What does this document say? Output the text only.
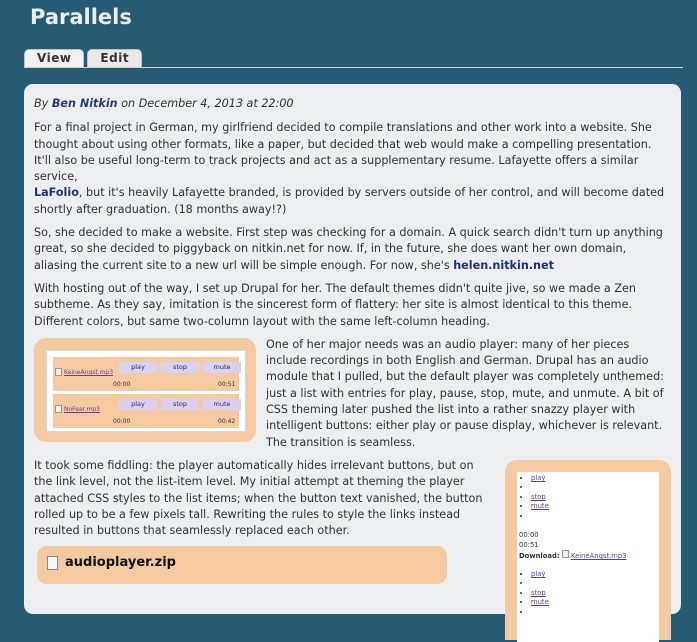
Parallels
View	Edit

By Ben Nitkin on December 4, 2013 at 22:00

For a final project in German, my girlfriend decided to compile translations and other work into a website. She thought about using other formats, like a paper, but decided that web would make a compelling presentation. It'll also be useful long-term to track projects and act as a supplementary resume. Lafayette offers a similar service,
LaFolio, but it's heavily Lafayette branded, is provided by servers outside of her control, and will become dated shortly after graduation. (18 months away!?)

So, she decided to make a website. First step was checking for a domain. A quick search didn't turn up anything great, so she decided to piggyback on nitkin.net for now. If, in the future, she does want her own domain, aliasing the current site to a new url will be simple enough. For now, she's helen.nitkin.net

With hosting out of the way, I set up Drupal for her. The default themes didn't quite jive, so we made a Zen subtheme. As they say, imitation is the sincerest form of flattery: her site is almost identical to this theme. Different colors, but same two-column layout with the same left-column heading.

KeineAngst.mp3
play	stop	mute
00:00	00:51
NoFear.mp3
play	stop	mute
00:00	00:42

One of her major needs was an audio player: many of her pieces include recordings in both English and German. Drupal has an audio module that I pulled, but the default player was completely unthemed: just a list with entries for play, pause, stop, mute, and unmute. A bit of CSS theming later pushed the list into a rather snazzy player with intelligent buttons: either play or pause display, whichever is relevant. The transition is seamless.

• play
•
• stop
• mute
•
00:00
00:51
Download: KeineAngst.mp3
• play
•
• stop
• mute
•

It took some fiddling: the player automatically hides irrelevant buttons, but on the link level, not the list-item level. My initial attempt at theming the player attached CSS styles to the list items; when the button text vanished, the button rolled up to be a few pixels tall. Rewriting the rules to style the links instead resulted in buttons that seamlessly replaced each other.

audioplayer.zip
